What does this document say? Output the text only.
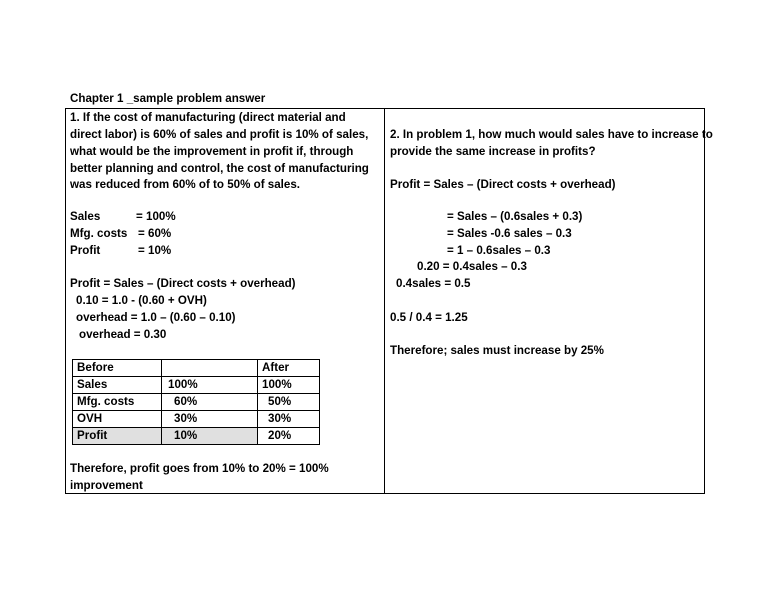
Chapter 1 _sample problem answer
1. If the cost of manufacturing (direct material and
direct labor) is 60% of sales and profit is 10% of sales,
what would be the improvement in profit if, through
better planning and control, the cost of manufacturing
was reduced from 60% of to 50% of sales.
Sales	= 100%
Mfg. costs = 60%
Profit	= 10%
Profit = Sales – (Direct costs + overhead)
0.10 = 1.0 - (0.60 + OVH)
overhead = 1.0 – (0.60 – 0.10)
overhead = 0.30
Before		After
Sales	100%	100%
Mfg. costs	60%	50%
OVH	30%	30%
Profit	10%	20%
Therefore, profit goes from 10% to 20% = 100%
improvement
2. In problem 1, how much would sales have to increase to
provide the same increase in profits?
Profit = Sales – (Direct costs + overhead)
= Sales – (0.6sales + 0.3)
= Sales -0.6 sales – 0.3
= 1 – 0.6sales – 0.3
0.20 = 0.4sales – 0.3
0.4sales = 0.5
0.5 / 0.4 = 1.25
Therefore; sales must increase by 25%
